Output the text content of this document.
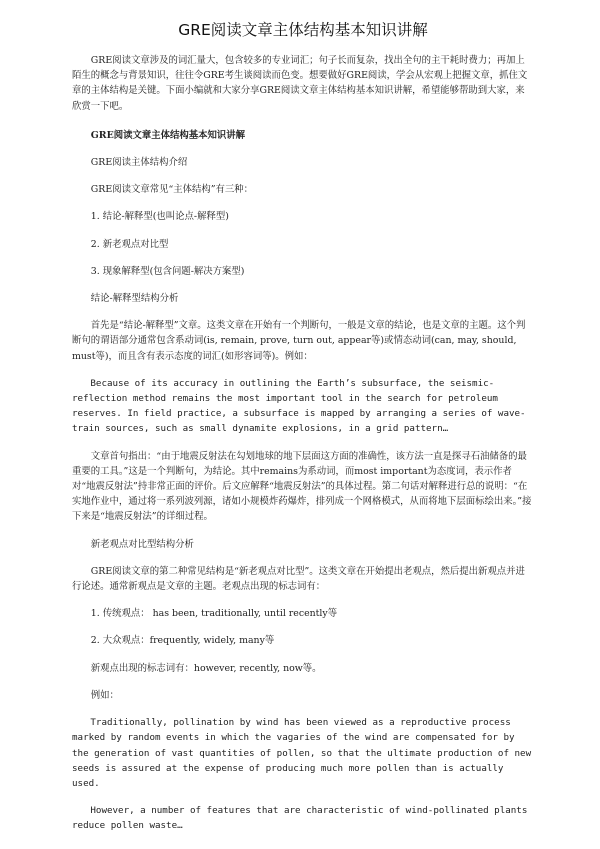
GRE阅读文章主体结构基本知识讲解

GRE阅读文章涉及的词汇量大，包含较多的专业词汇；句子长而复杂，找出全句的主干耗时费力；再加上陌生的概念与背景知识，往往令GRE考生谈阅读而色变。想要做好GRE阅读，学会从宏观上把握文章，抓住文章的主体结构是关键。下面小编就和大家分享GRE阅读文章主体结构基本知识讲解，希望能够帮助到大家，来欣赏一下吧。

GRE阅读文章主体结构基本知识讲解

GRE阅读主体结构介绍

GRE阅读文章常见“主体结构”有三种：

1. 结论-解释型(也叫论点-解释型)

2. 新老观点对比型

3. 现象解释型(包含问题-解决方案型)

结论-解释型结构分析

首先是“结论-解释型”文章。这类文章在开始有一个判断句，一般是文章的结论，也是文章的主题。这个判断句的谓语部分通常包含系动词(is, remain, prove, turn out, appear等)或情态动词(can, may, should, must等)，而且含有表示态度的词汇(如形容词等)。例如：

Because of its accuracy in outlining the Earth’s subsurface, the seismic-reflection method remains the most important tool in the search for petroleum reserves. In field practice, a subsurface is mapped by arranging a series of wave-train sources, such as small dynamite explosions, in a grid pattern…

文章首句指出：“由于地震反射法在勾划地球的地下层面这方面的准确性，该方法一直是探寻石油储备的最重要的工具。”这是一个判断句，为结论。其中remains为系动词，而most important为态度词，表示作者对“地震反射法”持非常正面的评价。后文应解释“地震反射法”的具体过程。第二句话对解释进行总的说明：“在实地作业中，通过将一系列波列源，诸如小规模炸药爆炸，排列成一个网格模式，从而将地下层面标绘出来。”接下来是“地震反射法”的详细过程。

新老观点对比型结构分析

GRE阅读文章的第二种常见结构是“新老观点对比型”。这类文章在开始提出老观点，然后提出新观点并进行论述。通常新观点是文章的主题。老观点出现的标志词有：

1. 传统观点： has been, traditionally, until recently等

2. 大众观点：frequently, widely, many等

新观点出现的标志词有：however, recently, now等。

例如：

Traditionally, pollination by wind has been viewed as a reproductive process marked by random events in which the vagaries of the wind are compensated for by the generation of vast quantities of pollen, so that the ultimate production of new seeds is assured at the expense of producing much more pollen than is actually used.

However, a number of features that are characteristic of wind-pollinated plants reduce pollen waste…
